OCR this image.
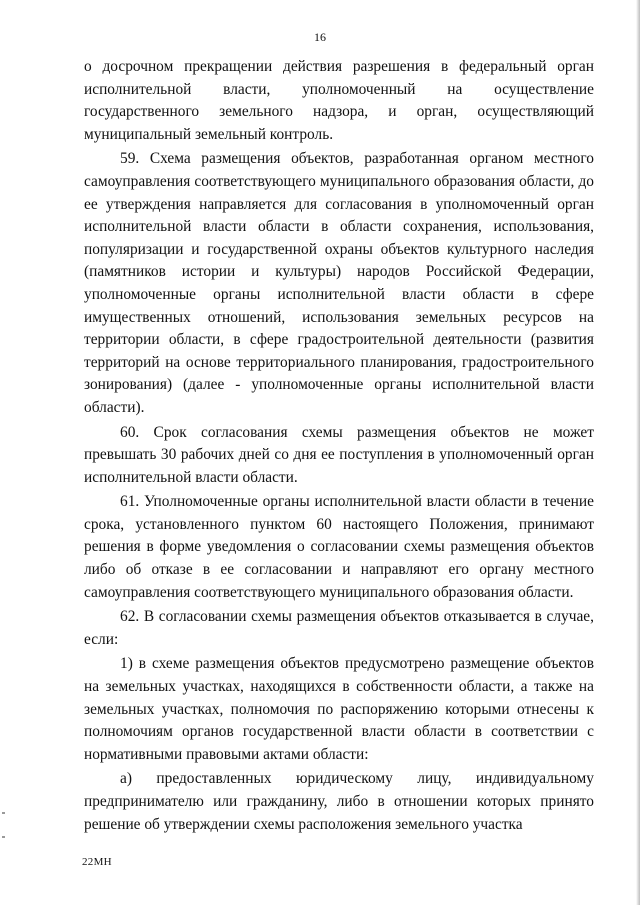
16

о досрочном прекращении действия разрешения в федеральный орган исполнительной власти, уполномоченный на осуществление государственного земельного надзора, и орган, осуществляющий муниципальный земельный контроль.

59. Схема размещения объектов, разработанная органом местного самоуправления соответствующего муниципального образования области, до ее утверждения направляется для согласования в уполномоченный орган исполнительной власти области в области сохранения, использования, популяризации и государственной охраны объектов культурного наследия (памятников истории и культуры) народов Российской Федерации, уполномоченные органы исполнительной власти области в сфере имущественных отношений, использования земельных ресурсов на территории области, в сфере градостроительной деятельности (развития территорий на основе территориального планирования, градостроительного зонирования) (далее - уполномоченные органы исполнительной власти области).

60. Срок согласования схемы размещения объектов не может превышать 30 рабочих дней со дня ее поступления в уполномоченный орган исполнительной власти области.

61. Уполномоченные органы исполнительной власти области в течение срока, установленного пунктом 60 настоящего Положения, принимают решения в форме уведомления о согласовании схемы размещения объектов либо об отказе в ее согласовании и направляют его органу местного самоуправления соответствующего муниципального образования области.

62. В согласовании схемы размещения объектов отказывается в случае, если:

1) в схеме размещения объектов предусмотрено размещение объектов на земельных участках, находящихся в собственности области, а также на земельных участках, полномочия по распоряжению которыми отнесены к полномочиям органов государственной власти области в соответствии с нормативными правовыми актами области:

а) предоставленных юридическому лицу, индивидуальному предпринимателю или гражданину, либо в отношении которых принято решение об утверждении схемы расположения земельного участка

22МН
